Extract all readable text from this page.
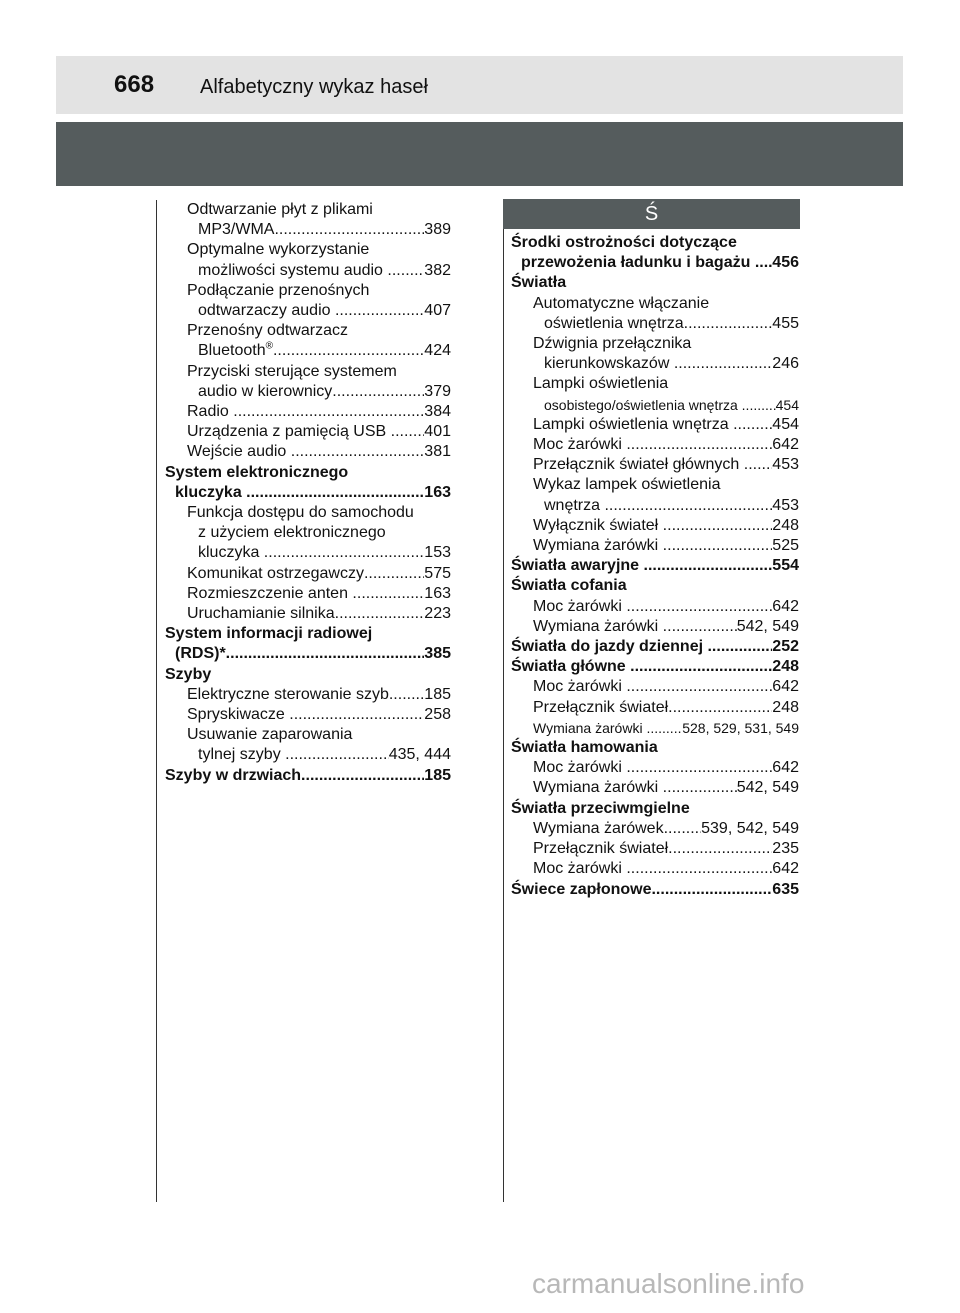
668 Alfabetyczny wykaz haseł
Ś
Odtwarzanie płyt z plikami
MP3/WMA .....	389
Optymalne wykorzystanie
możliwości systemu audio ..... 382
Podłączanie przenośnych
odtwarzaczy audio .....	407
Przenośny odtwarzacz
Bluetooth® .....	424
Przyciski sterujące systemem
audio w kierownicy .....	379
Radio .....	384
Urządzenia z pamięcią USB ..... 401
Wejście audio .....	381
System elektronicznego
kluczyka .....	163
Funkcja dostępu do samochodu
z użyciem elektronicznego
kluczyka .....	153
Komunikat ostrzegawczy .....	575
Rozmieszczenie anten .....	163
Uruchamianie silnika .....	223
System informacji radiowej
(RDS)* .....	385
Szyby
Elektryczne sterowanie szyb ..... 185
Spryskiwacze .....	258
Usuwanie zaparowania
tylnej szyby .....	435, 444
Szyby w drzwiach .....	185
Środki ostrożności dotyczące
przewożenia ładunku i bagażu ..... 456
Światła
Automatyczne włączanie
oświetlenia wnętrza .....	455
Dźwignia przełącznika
kierunkowskazów .....	246
Lampki oświetlenia
osobistego/oświetlenia wnętrza ..... 454
Lampki oświetlenia wnętrza ..... 454
Moc żarówki .....	642
Przełącznik świateł głównych ..... 453
Wykaz lampek oświetlenia
wnętrza .....	453
Wyłącznik świateł .....	248
Wymiana żarówki .....	525
Światła awaryjne .....	554
Światła cofania
Moc żarówki .....	642
Wymiana żarówki .....	542, 549
Światła do jazdy dziennej .....	252
Światła główne .....	248
Moc żarówki .....	642
Przełącznik świateł .....	248
Wymiana żarówki .....	528, 529, 531, 549
Światła hamowania
Moc żarówki .....	642
Wymiana żarówki .....	542, 549
Światła przeciwmgielne
Wymiana żarówek ..... 539, 542, 549
Przełącznik świateł .....	235
Moc żarówki .....	642
Świece zapłonowe .....	635
carmanualsonline.info
